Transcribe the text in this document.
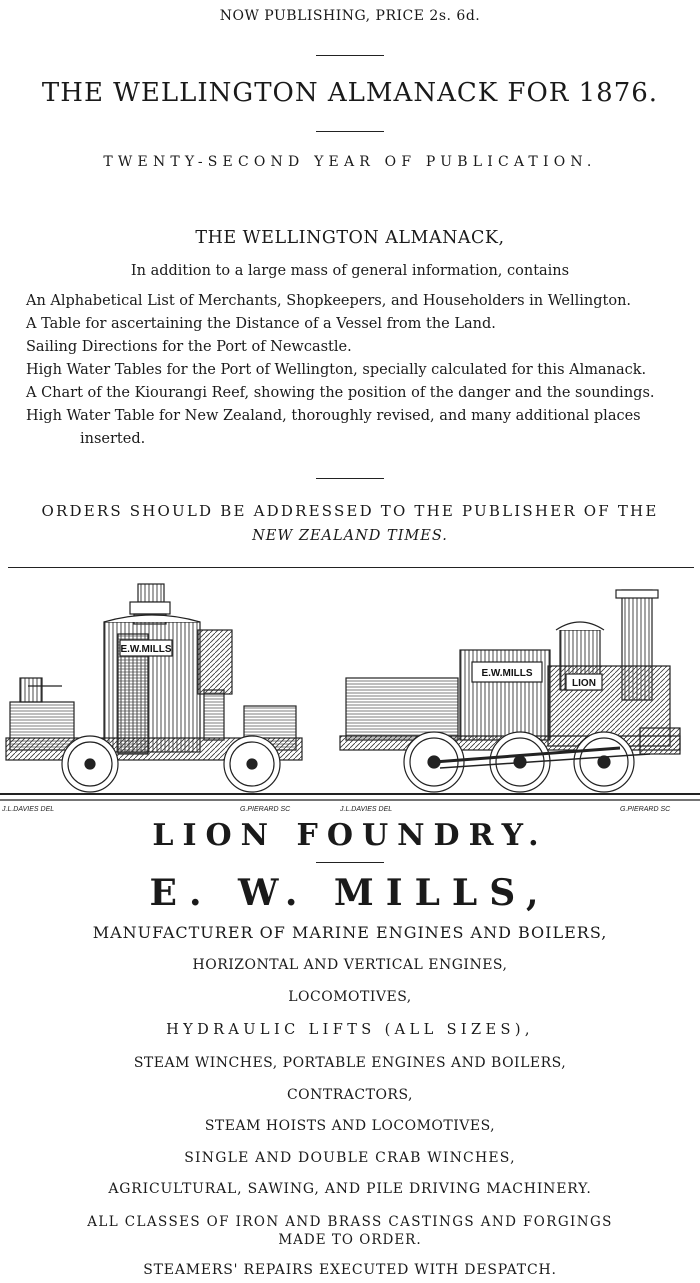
NOW PUBLISHING, PRICE 2s. 6d.
THE WELLINGTON ALMANACK FOR 1876.
TWENTY-SECOND YEAR OF PUBLICATION.
THE WELLINGTON ALMANACK,
In addition to a large mass of general information, contains
An Alphabetical List of Merchants, Shopkeepers, and Householders in Wellington.
A Table for ascertaining the Distance of a Vessel from the Land.
Sailing Directions for the Port of Newcastle.
High Water Tables for the Port of Wellington, specially calculated for this Almanack.
A Chart of the Kiourangi Reef, showing the position of the danger and the soundings.
High Water Table for New Zealand, thoroughly revised, and many additional places
inserted.
ORDERS SHOULD BE ADDRESSED TO THE PUBLISHER OF THE
NEW ZEALAND TIMES.
E.W.MILLS
E.W.MILLS
LION
J.L.DAVIES DEL	G.PIERARD SC	J.L.DAVIES DEL	G.PIERARD SC
LION FOUNDRY.
E. W. MILLS,
MANUFACTURER OF MARINE ENGINES AND BOILERS,
HORIZONTAL AND VERTICAL ENGINES,
LOCOMOTIVES,
HYDRAULIC LIFTS (ALL SIZES),
STEAM WINCHES, PORTABLE ENGINES AND BOILERS,
CONTRACTORS,
STEAM HOISTS AND LOCOMOTIVES,
SINGLE AND DOUBLE CRAB WINCHES,
AGRICULTURAL, SAWING, AND PILE DRIVING MACHINERY.
ALL CLASSES OF IRON AND BRASS CASTINGS AND FORGINGS
MADE TO ORDER.
STEAMERS' REPAIRS EXECUTED WITH DESPATCH.
